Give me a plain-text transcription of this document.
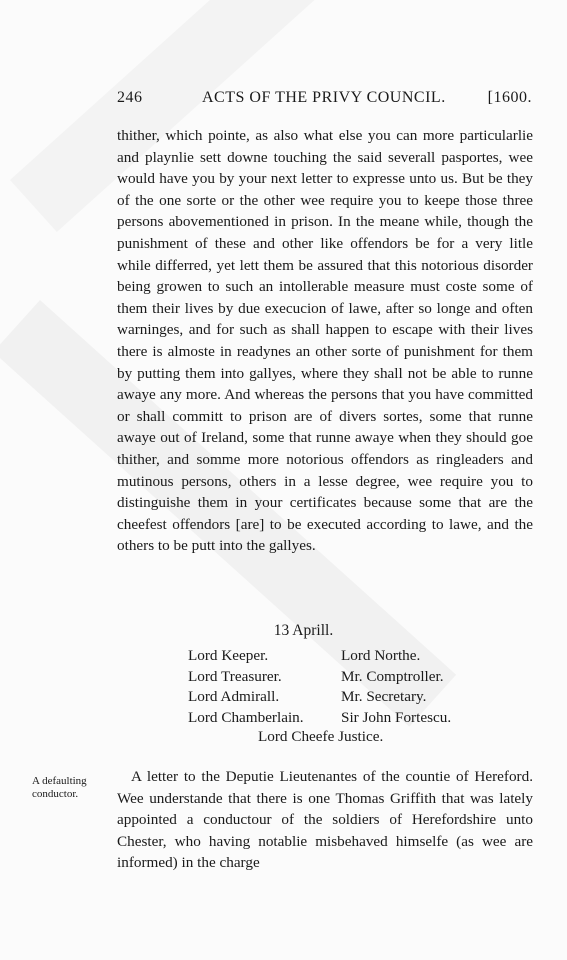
246	ACTS OF THE PRIVY COUNCIL.	[1600.

thither, which pointe, as also what else you can more particularlie and playnlie sett downe touching the said severall pasportes, wee would have you by your next letter to expresse unto us. But be they of the one sorte or the other wee require you to keepe those three persons abovementioned in prison. In the meane while, though the punishment of these and other like offendors be for a very litle while differred, yet lett them be assured that this notorious disorder being growen to such an intollerable measure must coste some of them their lives by due execucion of lawe, after so longe and often warninges, and for such as shall happen to escape with their lives there is almoste in readynes an other sorte of punishment for them by putting them into gallyes, where they shall not be able to runne awaye any more. And whereas the persons that you have committed or shall committ to prison are of divers sortes, some that runne awaye out of Ireland, some that runne awaye when they should goe thither, and somme more notorious offendors as ringleaders and mutinous persons, others in a lesse degree, wee require you to distinguishe them in your certificates because some that are the cheefest offendors [are] to be executed according to lawe, and the others to be putt into the gallyes.

13 Aprill.
Lord Keeper.	Lord Northe.
Lord Treasurer.	Mr. Comptroller.
Lord Admirall.	Mr. Secretary.
Lord Chamberlain.	Sir John Fortescu.
Lord Cheefe Justice.
A defaulting conductor.

A letter to the Deputie Lieutenantes of the countie of Hereford. Wee understande that there is one Thomas Griffith that was lately appointed a conductour of the soldiers of Herefordshire unto Chester, who having notablie misbehaved himselfe (as wee are informed) in the charge
